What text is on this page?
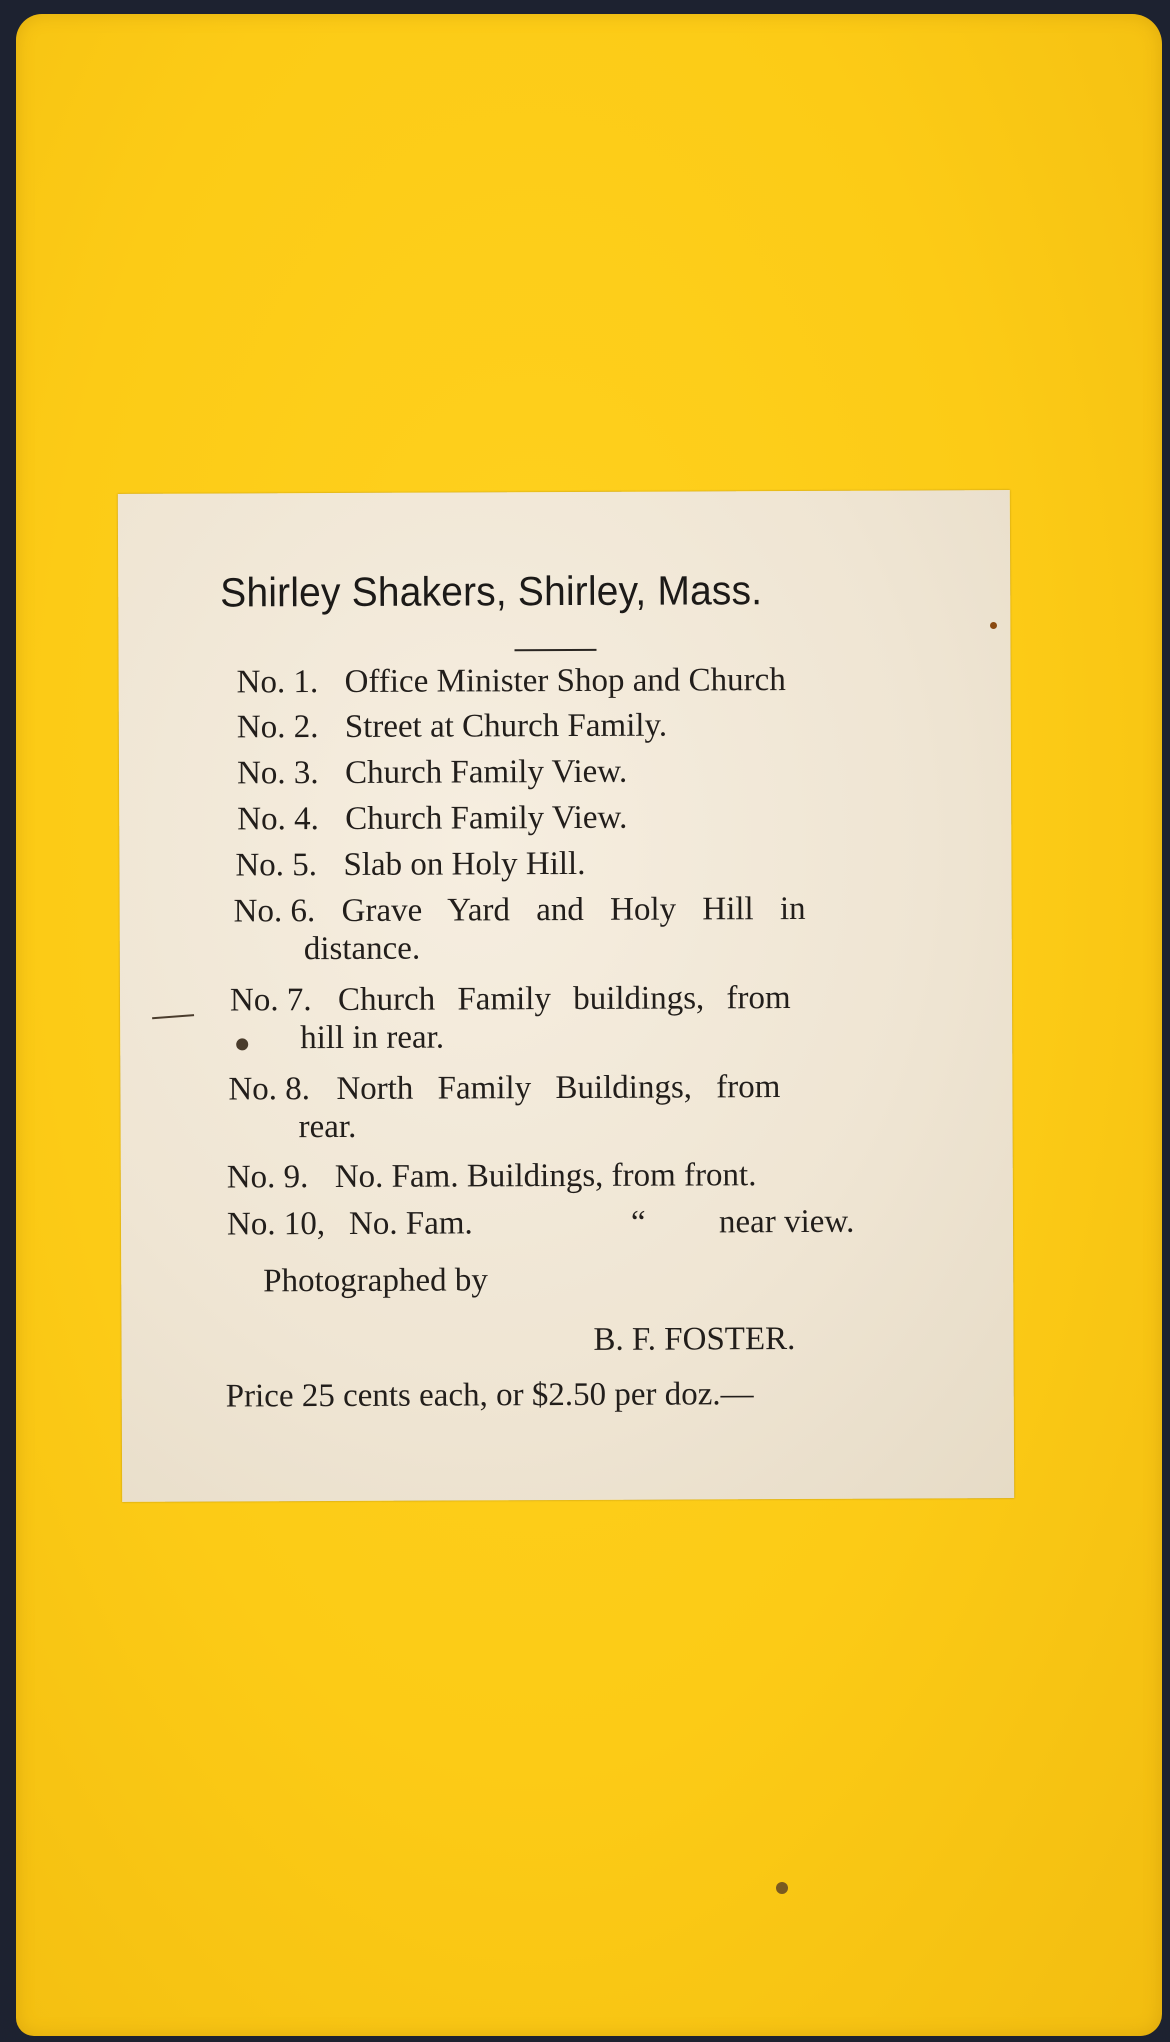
Shirley Shakers, Shirley, Mass.
No. 1. Office Minister Shop and Church
No. 2. Street at Church Family.
No. 3. Church Family View.
No. 4. Church Family View.
No. 5. Slab on Holy Hill.
No. 6. Grave Yard and Holy Hill in
distance.
No. 7. Church Family buildings, from
hill in rear.
No. 8. North Family Buildings, from
rear.
No. 9. No. Fam. Buildings, from front.
No. 10, No. Fam.	“ near view.
Photographed by
B. F. FOSTER.
Price 25 cents each, or $2.50 per doz.—
